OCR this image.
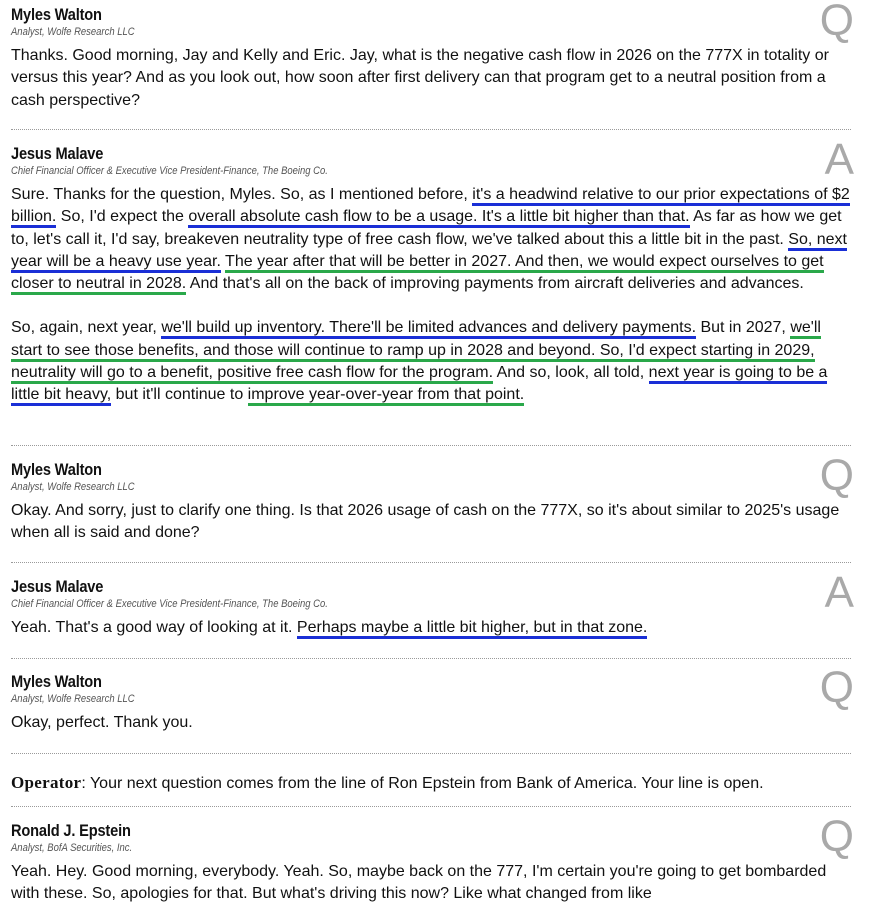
Myles Walton
Analyst, Wolfe Research LLC	Q

Thanks. Good morning, Jay and Kelly and Eric. Jay, what is the negative cash flow in 2026 on the 777X in totality or versus this year? And as you look out, how soon after first delivery can that program get to a neutral position from a cash perspective?

Jesus Malave
Chief Financial Officer & Executive Vice President-Finance, The Boeing Co.	A

Sure. Thanks for the question, Myles. So, as I mentioned before, it's a headwind relative to our prior expectations of $2 billion. So, I'd expect the overall absolute cash flow to be a usage. It's a little bit higher than that. As far as how we get to, let's call it, I'd say, breakeven neutrality type of free cash flow, we've talked about this a little bit in the past. So, next year will be a heavy use year. The year after that will be better in 2027. And then, we would expect ourselves to get closer to neutral in 2028. And that's all on the back of improving payments from aircraft deliveries and advances.

So, again, next year, we'll build up inventory. There'll be limited advances and delivery payments. But in 2027, we'll start to see those benefits, and those will continue to ramp up in 2028 and beyond. So, I'd expect starting in 2029, neutrality will go to a benefit, positive free cash flow for the program. And so, look, all told, next year is going to be a little bit heavy, but it'll continue to improve year-over-year from that point.

Myles Walton
Analyst, Wolfe Research LLC	Q

Okay. And sorry, just to clarify one thing. Is that 2026 usage of cash on the 777X, so it's about similar to 2025's usage when all is said and done?

Jesus Malave
Chief Financial Officer & Executive Vice President-Finance, The Boeing Co.	A

Yeah. That's a good way of looking at it. Perhaps maybe a little bit higher, but in that zone.

Myles Walton
Analyst, Wolfe Research LLC	Q

Okay, perfect. Thank you.

Operator: Your next question comes from the line of Ron Epstein from Bank of America. Your line is open.

Ronald J. Epstein
Analyst, BofA Securities, Inc.	Q

Yeah. Hey. Good morning, everybody. Yeah. So, maybe back on the 777, I'm certain you're going to get bombarded with these. So, apologies for that. But what's driving this now? Like what changed from like
